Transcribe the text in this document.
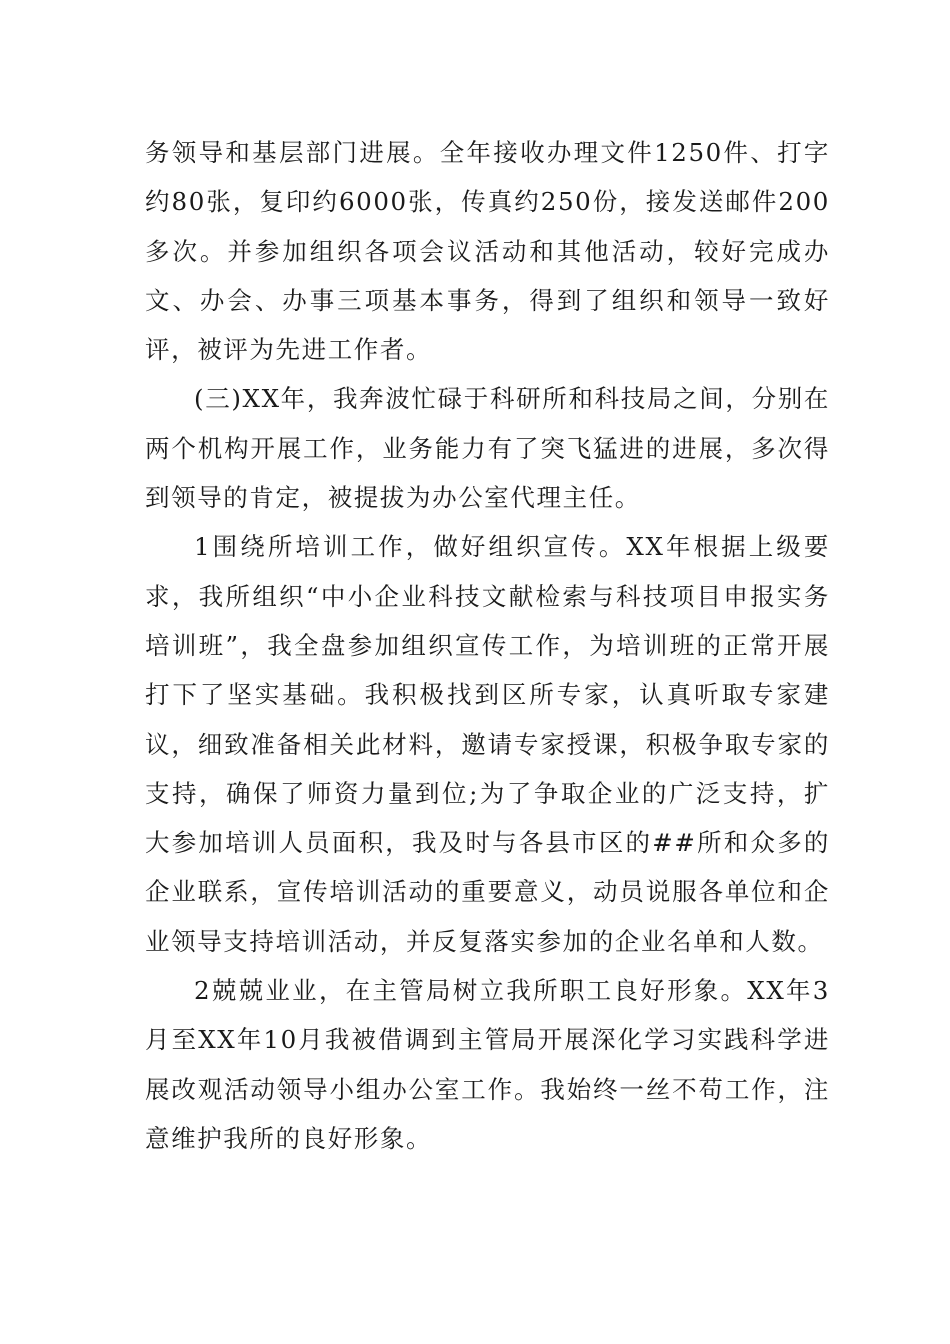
务领导和基层部门进展。全年接收办理文件1250件、打字约80张，复印约6000张，传真约250份，接发送邮件200多次。并参加组织各项会议活动和其他活动，较好完成办文、办会、办事三项基本事务，得到了组织和领导一致好评，被评为先进工作者。

(三)XX年，我奔波忙碌于科研所和科技局之间，分别在两个机构开展工作，业务能力有了突飞猛进的进展，多次得到领导的肯定，被提拔为办公室代理主任。

1围绕所培训工作，做好组织宣传。XX年根据上级要求，我所组织“中小企业科技文献检索与科技项目申报实务培训班”，我全盘参加组织宣传工作，为培训班的正常开展打下了坚实基础。我积极找到区所专家，认真听取专家建议，细致准备相关此材料，邀请专家授课，积极争取专家的支持，确保了师资力量到位;为了争取企业的广泛支持，扩大参加培训人员面积，我及时与各县市区的##所和众多的企业联系，宣传培训活动的重要意义，动员说服各单位和企业领导支持培训活动，并反复落实参加的企业名单和人数。

2兢兢业业，在主管局树立我所职工良好形象。XX年3月至XX年10月我被借调到主管局开展深化学习实践科学进展改观活动领导小组办公室工作。我始终一丝不苟工作，注意维护我所的良好形象。
